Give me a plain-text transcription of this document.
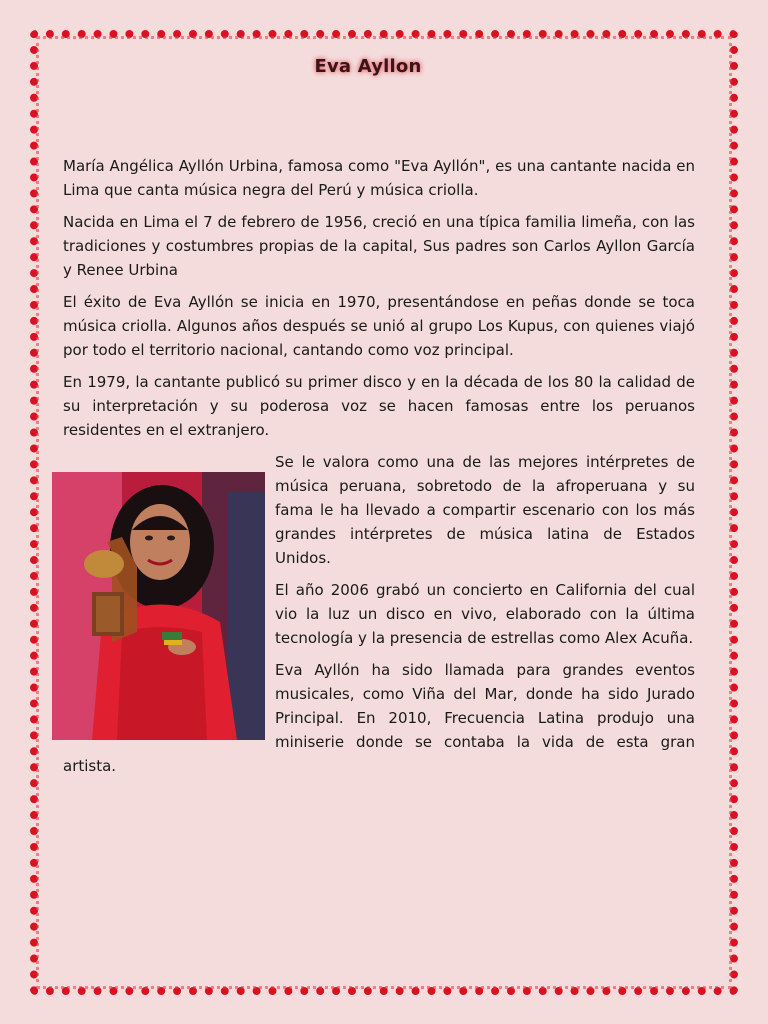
Eva Ayllon

María Angélica Ayllón Urbina, famosa como "Eva Ayllón", es una cantante nacida en Lima que canta música negra del Perú y música criolla.

Nacida en Lima el 7 de febrero de 1956, creció en una típica familia limeña, con las tradiciones y costumbres propias de la capital, Sus padres son Carlos Ayllon García y Renee Urbina

El éxito de Eva Ayllón se inicia en 1970, presentándose en peñas donde se toca música criolla. Algunos años después se unió al grupo Los Kupus, con quienes viajó por todo el territorio nacional, cantando como voz principal.

En 1979, la cantante publicó su primer disco y en la década de los 80 la calidad de su interpretación y su poderosa voz se hacen famosas entre los peruanos residentes en el extranjero.

Se le valora como una de las mejores intérpretes de música peruana, sobretodo de la afroperuana y su fama le ha llevado a compartir escenario con los más grandes intérpretes de música latina de Estados Unidos.

El año 2006 grabó un concierto en California del cual vio la luz un disco en vivo, elaborado con la última tecnología y la presencia de estrellas como Alex Acuña.

Eva Ayllón ha sido llamada para grandes eventos musicales, como Viña del Mar, donde ha sido Jurado Principal. En 2010, Frecuencia Latina produjo una miniserie donde se contaba la vida de esta gran artista.
